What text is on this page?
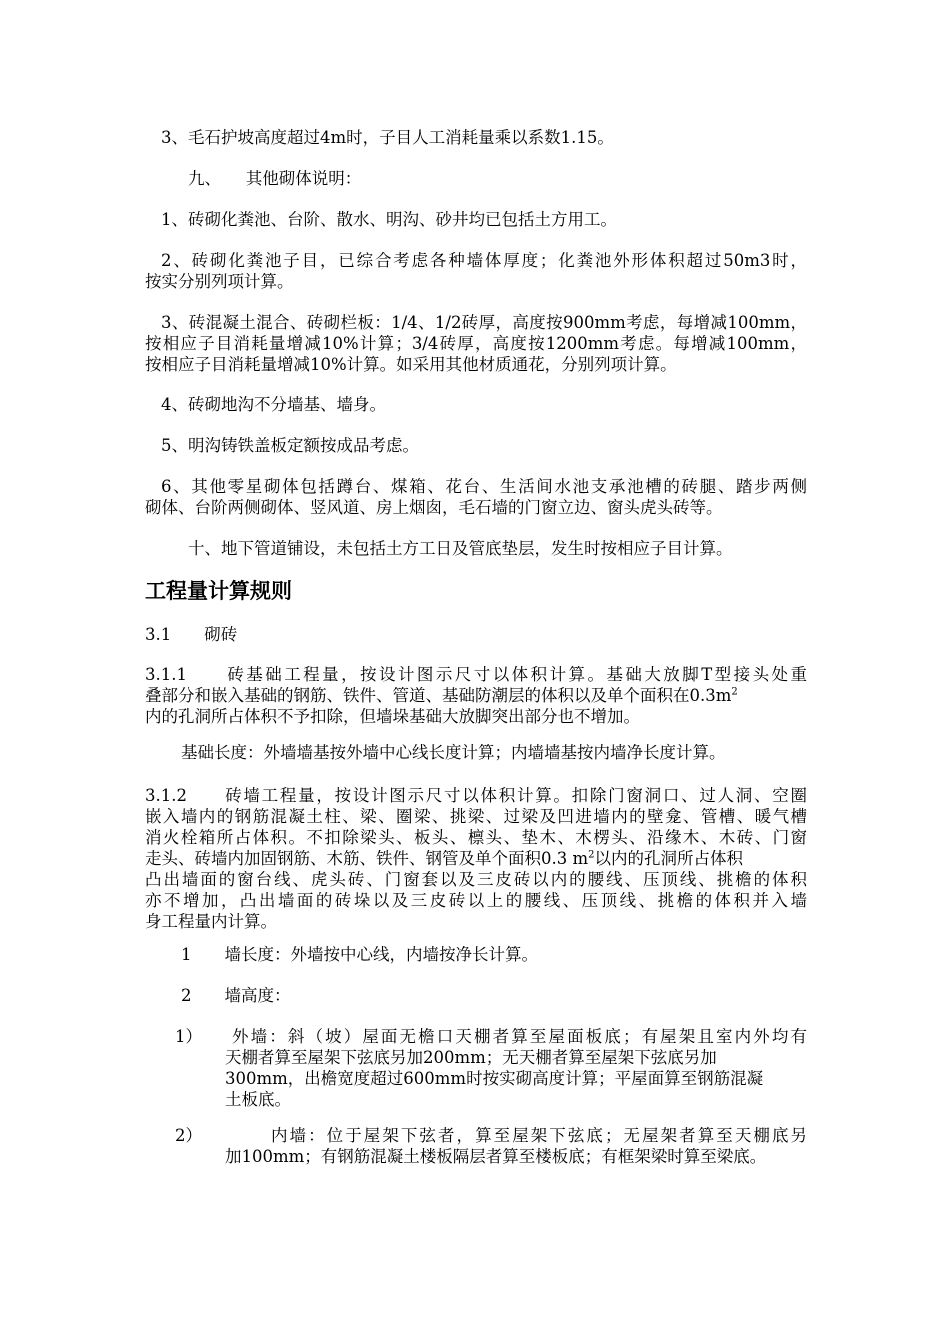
3、毛石护坡高度超过4m时，子目人工消耗量乘以系数1.15。

九、　　其他砌体说明：

1、砖砌化粪池、台阶、散水、明沟、砂井均已包括土方用工。

2、砖砌化粪池子目，已综合考虑各种墙体厚度；化粪池外形体积超过50m3时，

按实分别列项计算。

3、砖混凝土混合、砖砌栏板：1/4、1/2砖厚，高度按900mm考虑，每增减100mm，

按相应子目消耗量增减10%计算；3/4砖厚，高度按1200mm考虑。每增减100mm，

按相应子目消耗量增减10%计算。如采用其他材质通花，分别列项计算。

4、砖砌地沟不分墙基、墙身。

5、明沟铸铁盖板定额按成品考虑。

6、其他零星砌体包括蹲台、煤箱、花台、生活间水池支承池槽的砖腿、踏步两侧

砌体、台阶两侧砌体、竖风道、房上烟囱，毛石墙的门窗立边、窗头虎头砖等。

十、地下管道铺设，未包括土方工日及管底垫层，发生时按相应子目计算。

工程量计算规则

3.1　　砌砖

3.1.1　　砖基础工程量，按设计图示尺寸以体积计算。基础大放脚T型接头处重

叠部分和嵌入基础的钢筋、铁件、管道、基础防潮层的体积以及单个面积在$0.3m^2$

内的孔洞所占体积不予扣除，但墙垛基础大放脚突出部分也不增加。

基础长度：外墙墙基按外墙中心线长度计算；内墙墙基按内墙净长度计算。

3.1.2　　砖墙工程量，按设计图示尺寸以体积计算。扣除门窗洞口、过人洞、空圈

嵌入墙内的钢筋混凝土柱、梁、圈梁、挑梁、过梁及凹进墙内的壁龛、管槽、暖气槽

消火栓箱所占体积。不扣除梁头、板头、檩头、垫木、木楞头、沿缘木、木砖、门窗

走头、砖墙内加固钢筋、木筋、铁件、钢管及单个面积0.3 $m^2$以内的孔洞所占体积

凸出墙面的窗台线、虎头砖、门窗套以及三皮砖以内的腰线、压顶线、挑檐的体积

亦不增加，凸出墙面的砖垛以及三皮砖以上的腰线、压顶线、挑檐的体积并入墙

身工程量内计算。

1　　墙长度：外墙按中心线，内墙按净长计算。

2　　墙高度：

1） 外墙：斜（坡）屋面无檐口天棚者算至屋面板底；有屋架且室内外均有

天棚者算至屋架下弦底另加200mm；无天棚者算至屋架下弦底另加

300mm，出檐宽度超过600mm时按实砌高度计算；平屋面算至钢筋混凝

土板底。

2）	内墙：位于屋架下弦者，算至屋架下弦底；无屋架者算至天棚底另

加100mm；有钢筋混凝土楼板隔层者算至楼板底；有框架梁时算至梁底。
